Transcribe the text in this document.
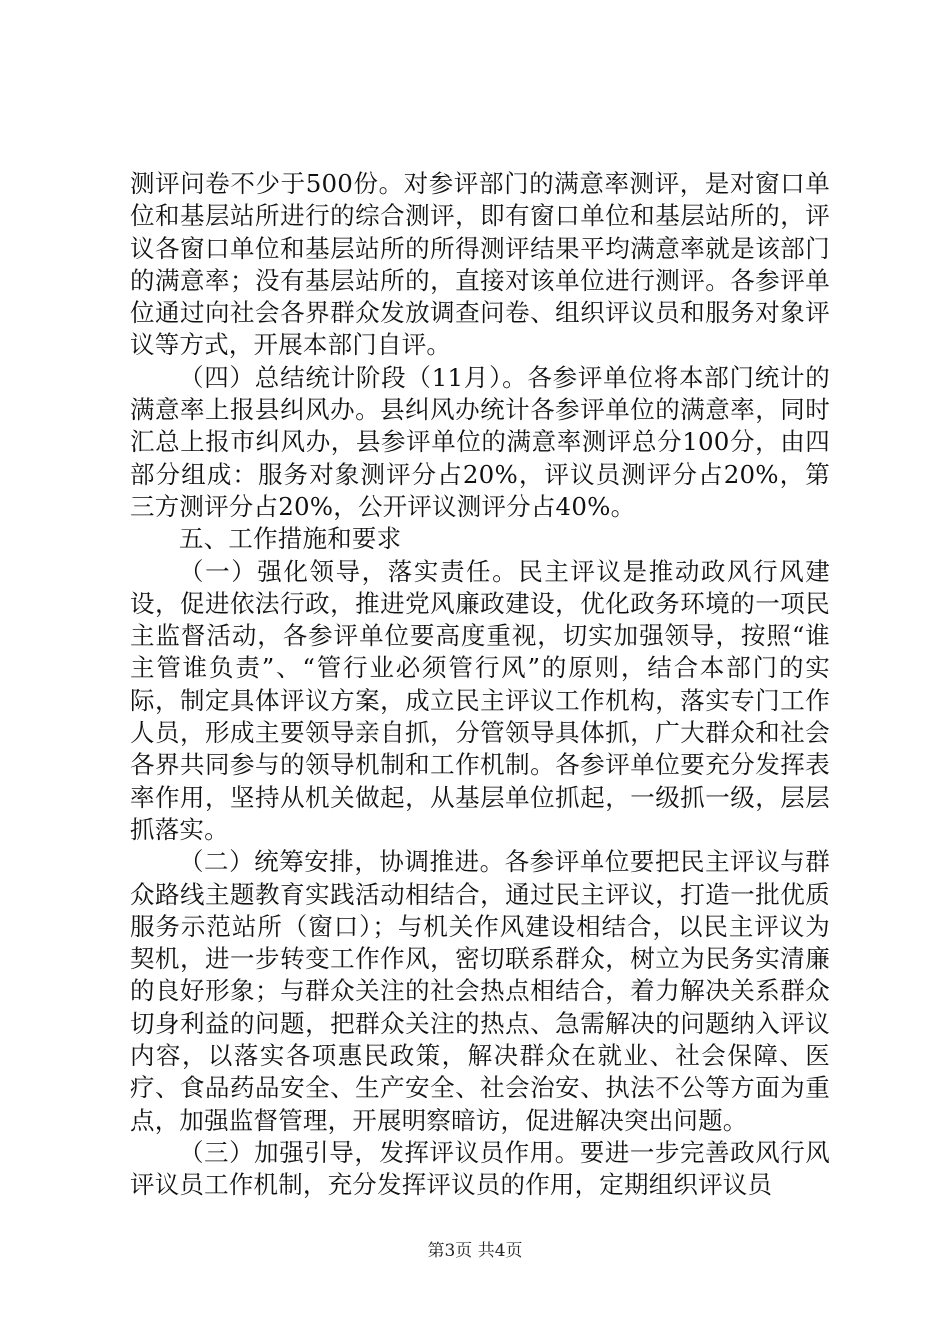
测评问卷不少于500份。对参评部门的满意率测评，是对窗口单位和基层站所进行的综合测评，即有窗口单位和基层站所的，评议各窗口单位和基层站所的所得测评结果平均满意率就是该部门的满意率；没有基层站所的，直接对该单位进行测评。各参评单位通过向社会各界群众发放调查问卷、组织评议员和服务对象评议等方式，开展本部门自评。

（四）总结统计阶段（11月）。各参评单位将本部门统计的满意率上报县纠风办。县纠风办统计各参评单位的满意率，同时汇总上报市纠风办，县参评单位的满意率测评总分100分，由四部分组成：服务对象测评分占20%，评议员测评分占20%，第三方测评分占20%，公开评议测评分占40%。

五、工作措施和要求

（一）强化领导，落实责任。民主评议是推动政风行风建设，促进依法行政，推进党风廉政建设，优化政务环境的一项民主监督活动，各参评单位要高度重视，切实加强领导，按照“谁主管谁负责”、“管行业必须管行风”的原则，结合本部门的实际，制定具体评议方案，成立民主评议工作机构，落实专门工作人员，形成主要领导亲自抓，分管领导具体抓，广大群众和社会各界共同参与的领导机制和工作机制。各参评单位要充分发挥表率作用，坚持从机关做起，从基层单位抓起，一级抓一级，层层抓落实。

（二）统筹安排，协调推进。各参评单位要把民主评议与群众路线主题教育实践活动相结合，通过民主评议，打造一批优质服务示范站所（窗口）；与机关作风建设相结合，以民主评议为契机，进一步转变工作作风，密切联系群众，树立为民务实清廉的良好形象；与群众关注的社会热点相结合，着力解决关系群众切身利益的问题，把群众关注的热点、急需解决的问题纳入评议内容，以落实各项惠民政策，解决群众在就业、社会保障、医疗、食品药品安全、生产安全、社会治安、执法不公等方面为重点，加强监督管理，开展明察暗访，促进解决突出问题。

（三）加强引导，发挥评议员作用。要进一步完善政风行风评议员工作机制，充分发挥评议员的作用，定期组织评议员

第3页 共4页
